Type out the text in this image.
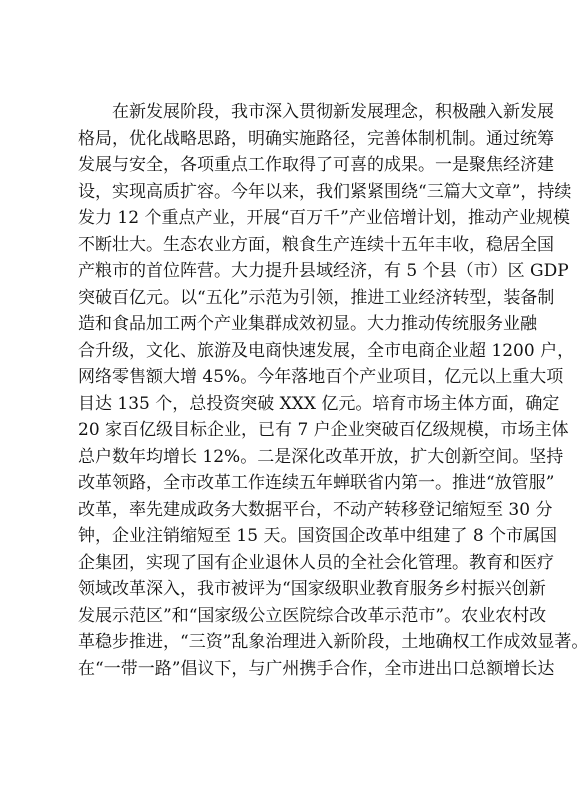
在新发展阶段，我市深入贯彻新发展理念，积极融入新发展
格局，优化战略思路，明确实施路径，完善体制机制。通过统筹
发展与安全，各项重点工作取得了可喜的成果。一是聚焦经济建
设，实现高质扩容。今年以来，我们紧紧围绕“三篇大文章”，持续
发力 12 个重点产业，开展“百万千”产业倍增计划，推动产业规模
不断壮大。生态农业方面，粮食生产连续十五年丰收，稳居全国
产粮市的首位阵营。大力提升县域经济，有 5 个县（市）区 GDP
突破百亿元。以“五化”示范为引领，推进工业经济转型，装备制
造和食品加工两个产业集群成效初显。大力推动传统服务业融
合升级，文化、旅游及电商快速发展，全市电商企业超 1200 户，
网络零售额大增 45%。今年落地百个产业项目，亿元以上重大项
目达 135 个，总投资突破 XXX 亿元。培育市场主体方面，确定
20 家百亿级目标企业，已有 7 户企业突破百亿级规模，市场主体
总户数年均增长 12%。二是深化改革开放，扩大创新空间。坚持
改革领路，全市改革工作连续五年蝉联省内第一。推进“放管服”
改革，率先建成政务大数据平台，不动产转移登记缩短至 30 分
钟，企业注销缩短至 15 天。国资国企改革中组建了 8 个市属国
企集团，实现了国有企业退休人员的全社会化管理。教育和医疗
领域改革深入，我市被评为“国家级职业教育服务乡村振兴创新
发展示范区”和“国家级公立医院综合改革示范市”。农业农村改
革稳步推进，“三资”乱象治理进入新阶段，土地确权工作成效显著。
在“一带一路”倡议下，与广州携手合作，全市进出口总额增长达
